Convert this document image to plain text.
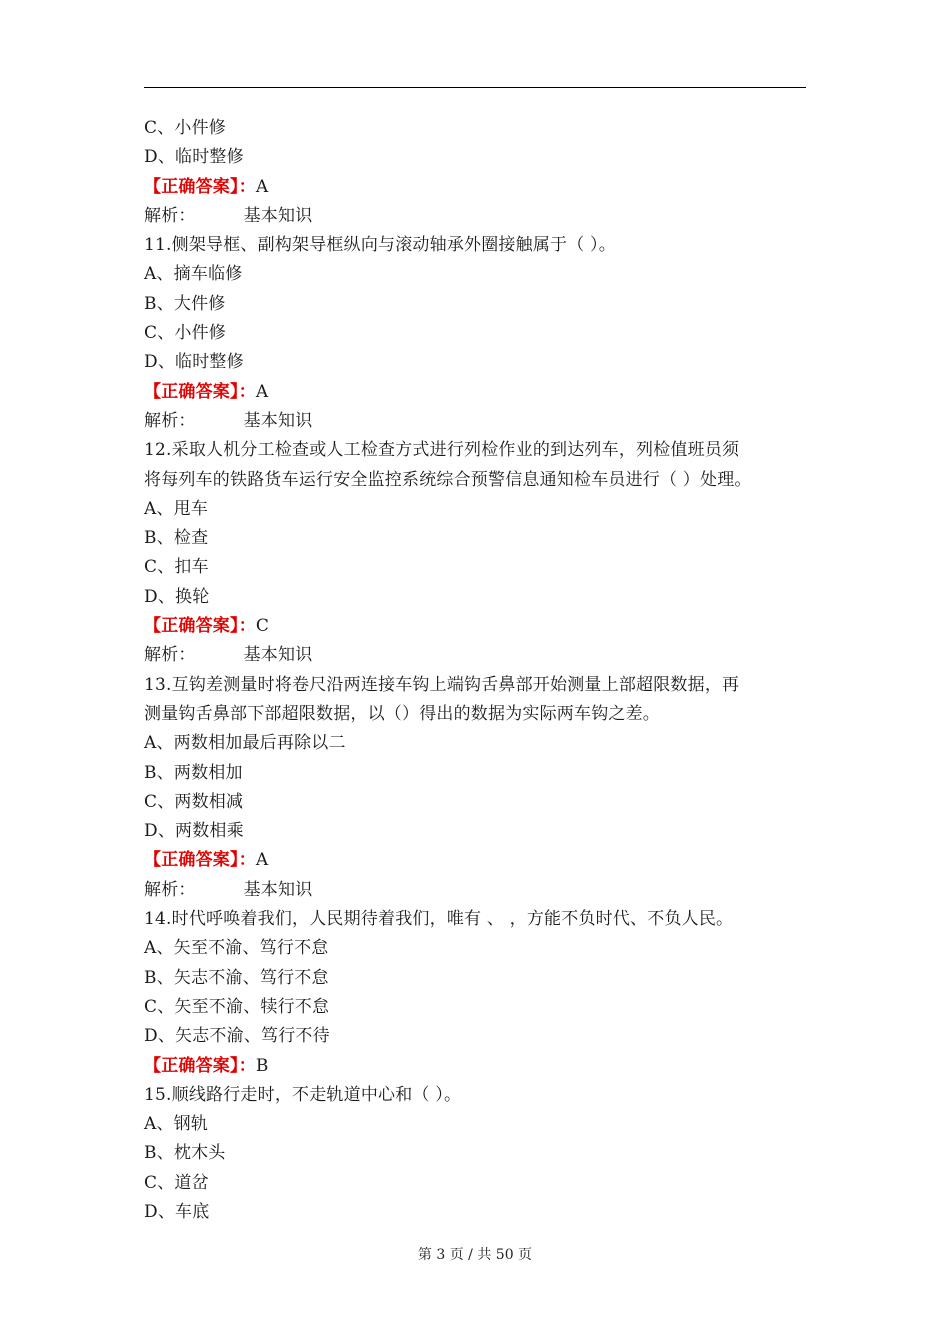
C、小件修
D、临时整修
【正确答案】：A
解析：	基本知识
11.侧架导框、副构架导框纵向与滚动轴承外圈接触属于（ ）。
A、摘车临修
B、大件修
C、小件修
D、临时整修
【正确答案】：A
解析：	基本知识
12.采取人机分工检查或人工检查方式进行列检作业的到达列车，列检值班员须
将每列车的铁路货车运行安全监控系统综合预警信息通知检车员进行（ ）处理。
A、甩车
B、检查
C、扣车
D、换轮
【正确答案】：C
解析：	基本知识
13.互钩差测量时将卷尺沿两连接车钩上端钩舌鼻部开始测量上部超限数据，再
测量钩舌鼻部下部超限数据，以（）得出的数据为实际两车钩之差。
A、两数相加最后再除以二
B、两数相加
C、两数相减
D、两数相乘
【正确答案】：A
解析：	基本知识
14.时代呼唤着我们，人民期待着我们，唯有 、 ，方能不负时代、不负人民。
A、矢至不渝、笃行不怠
B、矢志不渝、笃行不怠
C、矢至不渝、犊行不怠
D、矢志不渝、笃行不待
【正确答案】：B
15.顺线路行走时，不走轨道中心和（ ）。
A、钢轨
B、枕木头
C、道岔
D、车底
第 3 页 / 共 50 页
